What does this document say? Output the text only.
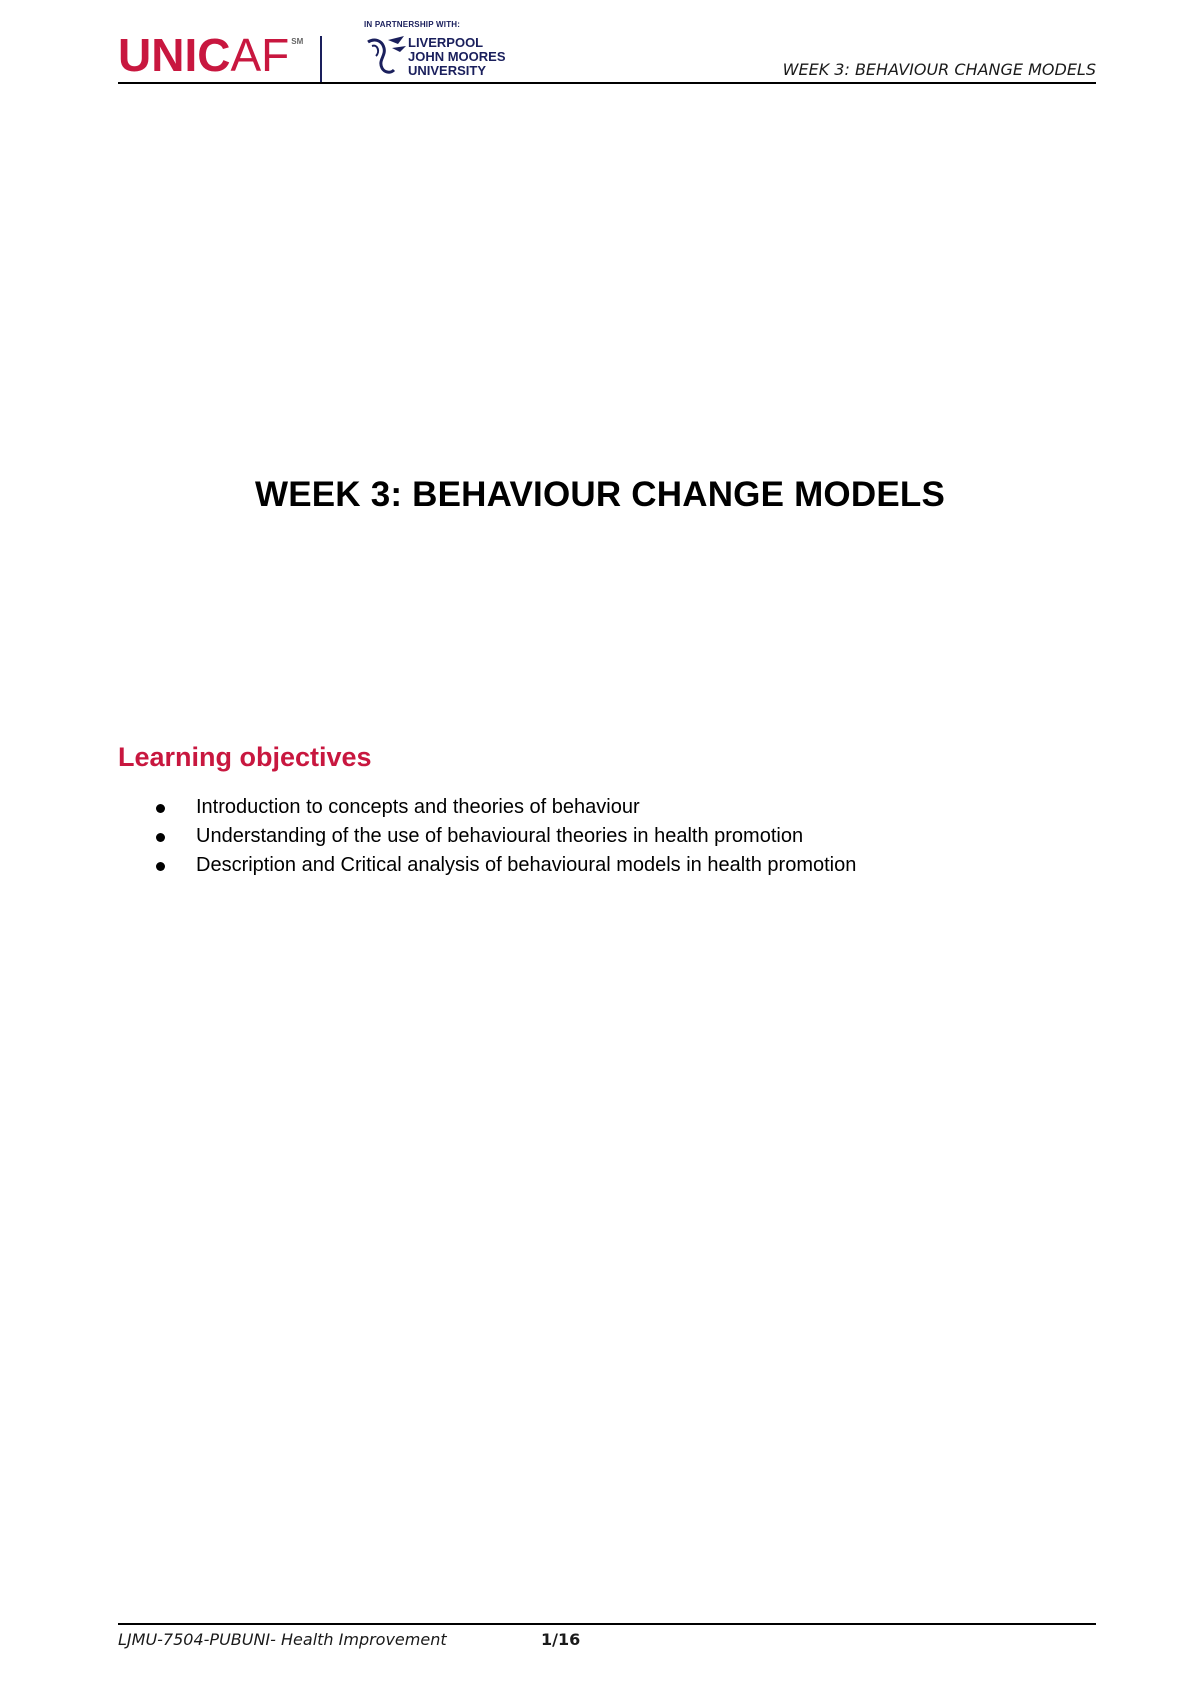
UNICAF ℠
IN PARTNERSHIP WITH:
LIVERPOOL
JOHN MOORES
UNIVERSITY	WEEK 3: BEHAVIOUR CHANGE MODELS
WEEK 3: BEHAVIOUR CHANGE MODELS
Learning objectives
Introduction to concepts and theories of behaviour
Understanding of the use of behavioural theories in health promotion
Description and Critical analysis of behavioural models in health promotion
LJMU-7504-PUBUNI- Health Improvement	1/16
